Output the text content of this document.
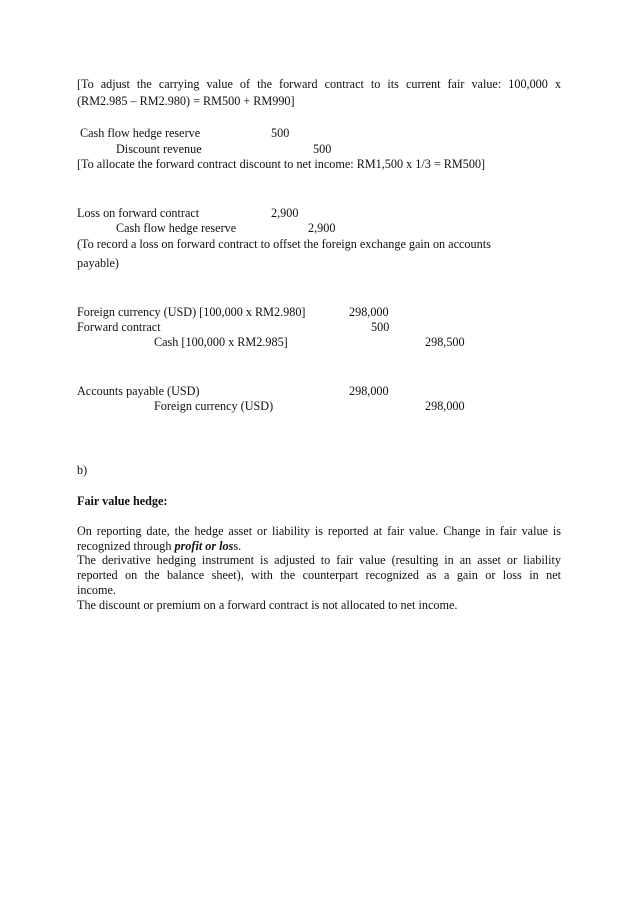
[To adjust the carrying value of the forward contract to its current fair value: 100,000 x
(RM2.985 – RM2.980) = RM500 + RM990]
Cash flow hedge reserve	500
Discount revenue	500
[To allocate the forward contract discount to net income: RM1,500 x 1/3 = RM500]
Loss on forward contract	2,900
Cash flow hedge reserve	2,900
(To record a loss on forward contract to offset the foreign exchange gain on accounts
payable)
Foreign currency (USD) [100,000 x RM2.980]	298,000
Forward contract	500
Cash [100,000 x RM2.985]	298,500
Accounts payable (USD)	298,000
Foreign currency (USD)	298,000
b)
Fair value hedge:
On reporting date, the hedge asset or liability is reported at fair value. Change in fair value is
recognized through profit or loss.
The derivative hedging instrument is adjusted to fair value (resulting in an asset or liability
reported on the balance sheet), with the counterpart recognized as a gain or loss in net
income.
The discount or premium on a forward contract is not allocated to net income.
